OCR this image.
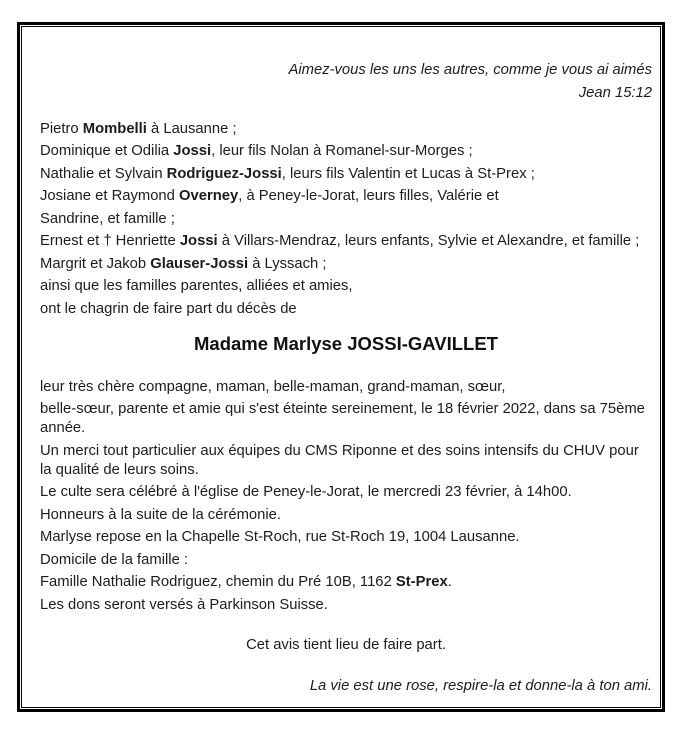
Aimez-vous les uns les autres, comme je vous ai aimés

Jean 15:12

Pietro Mombelli à Lausanne ;

Dominique et Odilia Jossi, leur fils Nolan à Romanel-sur-Morges ;

Nathalie et Sylvain Rodriguez-Jossi, leurs fils Valentin et Lucas à St-Prex ;

Josiane et Raymond Overney, à Peney-le-Jorat, leurs filles, Valérie et

Sandrine, et famille ;

Ernest et † Henriette Jossi à Villars-Mendraz, leurs enfants, Sylvie et Alexandre, et famille ;

Margrit et Jakob Glauser-Jossi à Lyssach ;

ainsi que les familles parentes, alliées et amies,

ont le chagrin de faire part du décès de

Madame Marlyse JOSSI-GAVILLET

leur très chère compagne, maman, belle-maman, grand-maman, sœur,

belle-sœur, parente et amie qui s'est éteinte sereinement, le 18 février 2022, dans sa 75ème année.

Un merci tout particulier aux équipes du CMS Riponne et des soins intensifs du CHUV pour la qualité de leurs soins.

Le culte sera célébré à l'église de Peney-le-Jorat, le mercredi 23 février, à 14h00.

Honneurs à la suite de la cérémonie.

Marlyse repose en la Chapelle St-Roch, rue St-Roch 19, 1004 Lausanne.

Domicile de la famille :

Famille Nathalie Rodriguez, chemin du Pré 10B, 1162 St-Prex.

Les dons seront versés à Parkinson Suisse.

Cet avis tient lieu de faire part.

La vie est une rose, respire-la et donne-la à ton ami.
